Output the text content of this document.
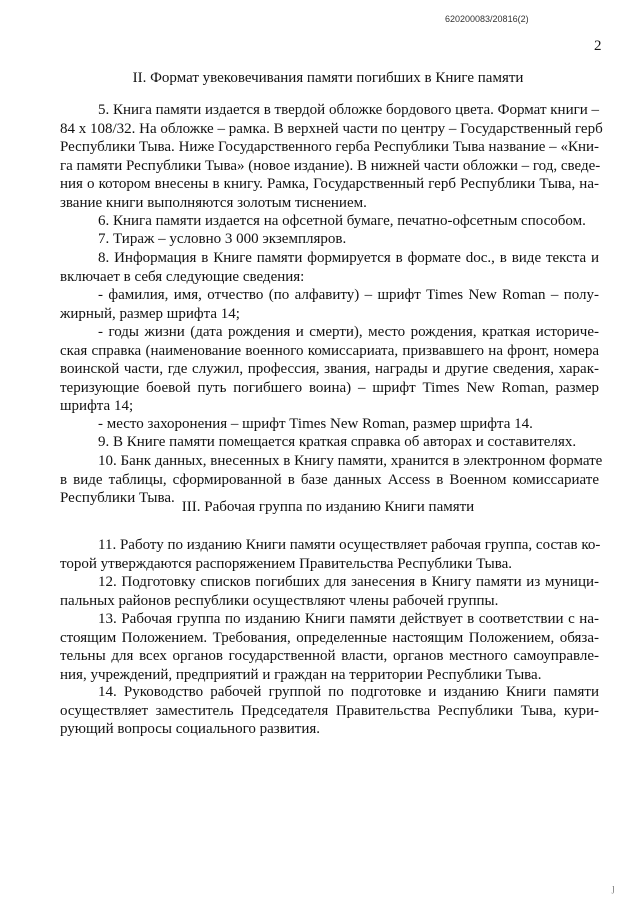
620200083/20816(2)
2
II. Формат увековечивания памяти погибших в Книге памяти
5. Книга памяти издается в твердой обложке бордового цвета. Формат книги –
84 х 108/32. На обложке – рамка. В верхней части по центру – Государственный герб
Республики Тыва. Ниже Государственного герба Республики Тыва название – «Кни-
га памяти Республики Тыва» (новое издание). В нижней части обложки – год, сведе-
ния о котором внесены в книгу. Рамка, Государственный герб Республики Тыва, на-
звание книги выполняются золотым тиснением.
6. Книга памяти издается на офсетной бумаге, печатно-офсетным способом.
7. Тираж – условно 3 000 экземпляров.
8. Информация в Книге памяти формируется в формате doc., в виде текста и
включает в себя следующие сведения:
- фамилия, имя, отчество (по алфавиту) – шрифт Times New Roman – полу-
жирный, размер шрифта 14;
- годы жизни (дата рождения и смерти), место рождения, краткая историче-
ская справка (наименование военного комиссариата, призвавшего на фронт, номера
воинской части, где служил, профессия, звания, награды и другие сведения, харак-
теризующие боевой путь погибшего воина) – шрифт Times New Roman, размер
шрифта 14;
- место захоронения – шрифт Times New Roman, размер шрифта 14.
9. В Книге памяти помещается краткая справка об авторах и составителях.
10. Банк данных, внесенных в Книгу памяти, хранится в электронном формате
в виде таблицы, сформированной в базе данных Access в Военном комиссариате
Республики Тыва.
III. Рабочая группа по изданию Книги памяти
11. Работу по изданию Книги памяти осуществляет рабочая группа, состав ко-
торой утверждаются распоряжением Правительства Республики Тыва.
12. Подготовку списков погибших для занесения в Книгу памяти из муници-
пальных районов республики осуществляют члены рабочей группы.
13. Рабочая группа по изданию Книги памяти действует в соответствии с на-
стоящим Положением. Требования, определенные настоящим Положением, обяза-
тельны для всех органов государственной власти, органов местного самоуправле-
ния, учреждений, предприятий и граждан на территории Республики Тыва.
14. Руководство рабочей группой по подготовке и изданию Книги памяти
осуществляет заместитель Председателя Правительства Республики Тыва, кури-
рующий вопросы социального развития.
ȷ
